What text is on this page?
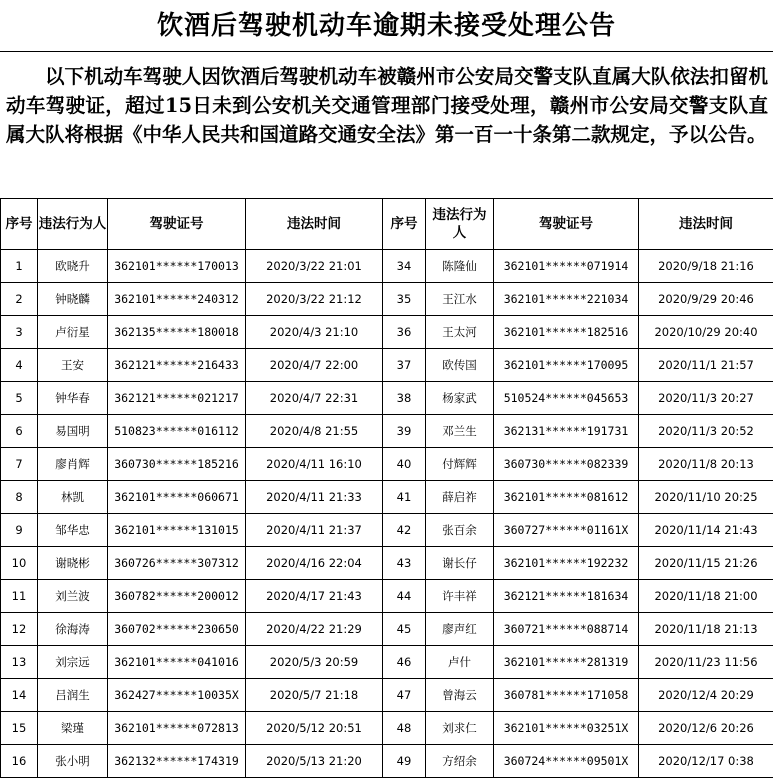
饮酒后驾驶机动车逾期未接受处理公告

以下机动车驾驶人因饮酒后驾驶机动车被赣州市公安局交警支队直属大队依法扣留机动车驾驶证，超过15日未到公安机关交通管理部门接受处理，赣州市公安局交警支队直属大队将根据《中华人民共和国道路交通安全法》第一百一十条第二款规定，予以公告。

序号	违法行为人	驾驶证号	违法时间	序号	违法行为人	驾驶证号	违法时间
1	欧晓升	362101******170013	2020/3/22 21:01	34	陈隆仙	362101******071914	2020/9/18 21:16
2	钟晓麟	362101******240312	2020/3/22 21:12	35	王江水	362101******221034	2020/9/29 20:46
3	卢衍星	362135******180018	2020/4/3 21:10	36	王太河	362101******182516	2020/10/29 20:40
4	王安	362121******216433	2020/4/7 22:00	37	欧传国	362101******170095	2020/11/1 21:57
5	钟华春	362121******021217	2020/4/7 22:31	38	杨家武	510524******045653	2020/11/3 20:27
6	易国明	510823******016112	2020/4/8 21:55	39	邓兰生	362131******191731	2020/11/3 20:52
7	廖肖辉	360730******185216	2020/4/11 16:10	40	付辉辉	360730******082339	2020/11/8 20:13
8	林凯	362101******060671	2020/4/11 21:33	41	薛启祚	362101******081612	2020/11/10 20:25
9	邹华忠	362101******131015	2020/4/11 21:37	42	张百余	360727******01161X	2020/11/14 21:43
10	谢晓彬	360726******307312	2020/4/16 22:04	43	谢长仔	362101******192232	2020/11/15 21:26
11	刘兰波	360782******200012	2020/4/17 21:43	44	许丰祥	362121******181634	2020/11/18 21:00
12	徐海涛	360702******230650	2020/4/22 21:29	45	廖声红	360721******088714	2020/11/18 21:13
13	刘宗远	362101******041016	2020/5/3 20:59	46	卢什	362101******281319	2020/11/23 11:56
14	吕润生	362427******10035X	2020/5/7 21:18	47	曾海云	360781******171058	2020/12/4 20:29
15	梁瑾	362101******072813	2020/5/12 20:51	48	刘求仁	362101******03251X	2020/12/6 20:26
16	张小明	362132******174319	2020/5/13 21:20	49	方绍余	360724******09501X	2020/12/17 0:38
